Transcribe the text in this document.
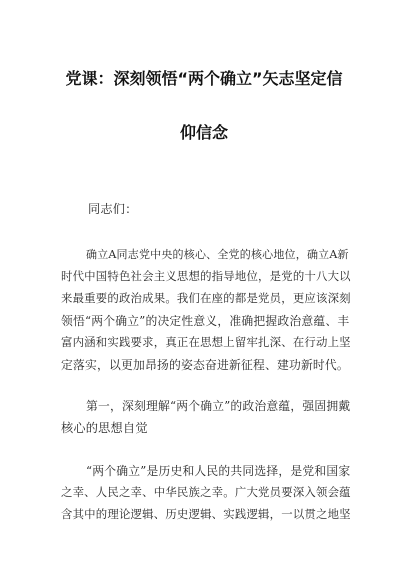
党课：深刻领悟“两个确立”矢志坚定信
仰信念
同志们：
确立A同志党中央的核心、全党的核心地位，确立A新
时代中国特色社会主义思想的指导地位，是党的十八大以
来最重要的政治成果。我们在座的都是党员，更应该深刻
领悟“两个确立”的决定性意义，准确把握政治意蕴、丰
富内涵和实践要求，真正在思想上留牢扎深、在行动上坚
定落实，以更加昂扬的姿态奋进新征程、建功新时代。
第一，深刻理解“两个确立”的政治意蕴，强固拥戴
核心的思想自觉
“两个确立”是历史和人民的共同选择，是党和国家
之幸、人民之幸、中华民族之幸。广大党员要深入领会蕴
含其中的理论逻辑、历史逻辑、实践逻辑，一以贯之地坚
